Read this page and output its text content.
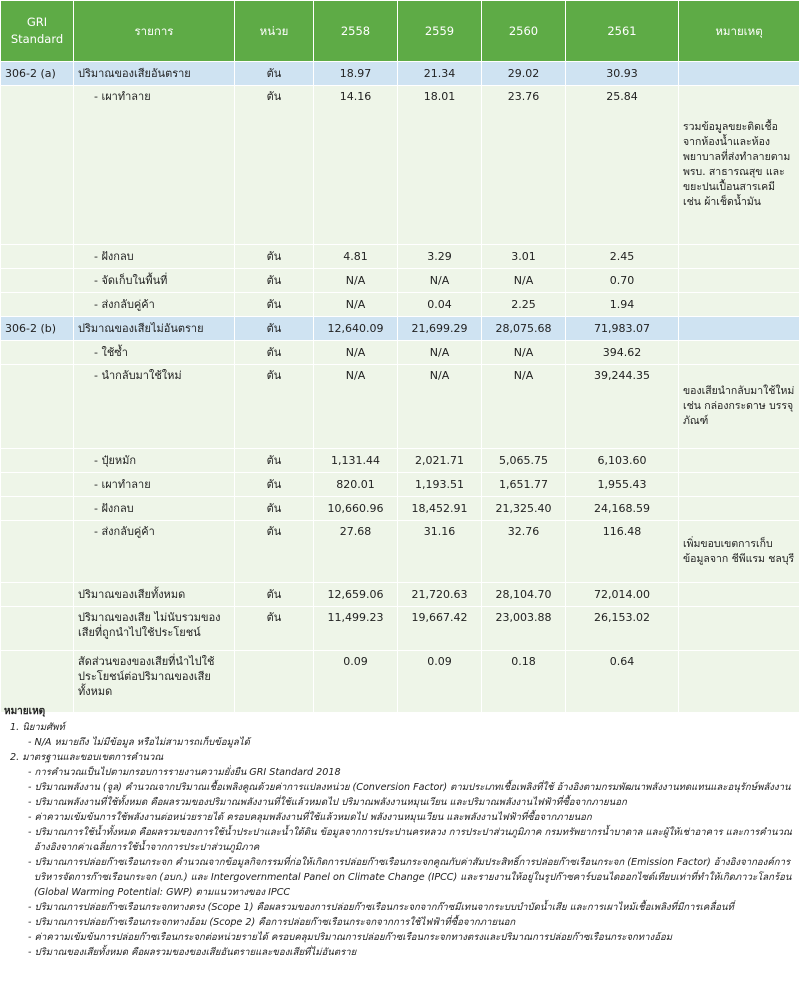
GRI Standard	รายการ	หน่วย	2558	2559	2560	2561	หมายเหตุ
306-2 (a)	ปริมาณของเสียอันตราย	ตัน	18.97	21.34	29.02	30.93	
	- เผาทำลาย	ตัน	14.16	18.01	23.76	25.84	รวมข้อมูลขยะติดเชื้อจากห้องน้ำและห้องพยาบาลที่ส่งทำลายตาม พรบ. สาธารณสุข และขยะปนเปื้อนสารเคมี เช่น ผ้าเช็ดน้ำมัน
	- ฝังกลบ	ตัน	4.81	3.29	3.01	2.45	
	- จัดเก็บในพื้นที่	ตัน	N/A	N/A	N/A	0.70	
	- ส่งกลับคู่ค้า	ตัน	N/A	0.04	2.25	1.94	
306-2 (b)	ปริมาณของเสียไม่อันตราย	ตัน	12,640.09	21,699.29	28,075.68	71,983.07	
	- ใช้ซ้ำ	ตัน	N/A	N/A	N/A	394.62	
	- นำกลับมาใช้ใหม่	ตัน	N/A	N/A	N/A	39,244.35	ของเสียนำกลับมาใช้ใหม่ เช่น กล่องกระดาษ บรรจุภัณฑ์
	- ปุ๋ยหมัก	ตัน	1,131.44	2,021.71	5,065.75	6,103.60	
	- เผาทำลาย	ตัน	820.01	1,193.51	1,651.77	1,955.43	
	- ฝังกลบ	ตัน	10,660.96	18,452.91	21,325.40	24,168.59	
	- ส่งกลับคู่ค้า	ตัน	27.68	31.16	32.76	116.48	เพิ่มขอบเขตการเก็บข้อมูลจาก ชีพีแรม ชลบุรี
	ปริมาณของเสียทั้งหมด	ตัน	12,659.06	21,720.63	28,104.70	72,014.00	
	ปริมาณของเสีย ไม่นับรวมของเสียที่ถูกนำไปใช้ประโยชน์	ตัน	11,499.23	19,667.42	23,003.88	26,153.02	
	สัดส่วนของของเสียที่นำไปใช้ประโยชน์ต่อปริมาณของเสียทั้งหมด		0.09	0.09	0.18	0.64	
หมายเหตุ
1. นิยามศัพท์
- N/A หมายถึง ไม่มีข้อมูล หรือไม่สามารถเก็บข้อมูลได้
2. มาตรฐานและขอบเขตการคำนวณ
- การคำนวณเป็นไปตามกรอบการรายงานความยั่งยืน GRI Standard 2018
- ปริมาณพลังงาน (จูล) คำนวณจากปริมาณเชื้อเพลิงคูณด้วยค่าการแปลงหน่วย (Conversion Factor) ตามประเภทเชื้อเพลิงที่ใช้ อ้างอิงตามกรมพัฒนาพลังงานทดแทนและอนุรักษ์พลังงาน
- ปริมาณพลังงานที่ใช้ทั้งหมด คือผลรวมของปริมาณพลังงานที่ใช้แล้วหมดไป ปริมาณพลังงานหมุนเวียน และปริมาณพลังงานไฟฟ้าที่ซื้อจากภายนอก
- ค่าความเข้มข้นการใช้พลังงานต่อหน่วยรายได้ ครอบคลุมพลังงานที่ใช้แล้วหมดไป พลังงานหมุนเวียน และพลังงานไฟฟ้าที่ซื้อจากภายนอก
- ปริมาณการใช้น้ำทั้งหมด คือผลรวมของการใช้น้ำประปาและน้ำใต้ดิน ข้อมูลจากการประปานครหลวง การประปาส่วนภูมิภาค กรมทรัพยากรน้ำบาดาล และผู้ให้เช่าอาคาร และการคำนวณอ้างอิงจากค่าเฉลี่ยการใช้น้ำจากการประปาส่วนภูมิภาค
- ปริมาณการปล่อยก๊าซเรือนกระจก คำนวณจากข้อมูลกิจกรรมที่ก่อให้เกิดการปล่อยก๊าซเรือนกระจกคูณกับค่าสัมประสิทธิ์การปล่อยก๊าซเรือนกระจก (Emission Factor) อ้างอิงจากองค์การบริหารจัดการก๊าซเรือนกระจก (อบก.) และ Intergovernmental Panel on Climate Change (IPCC) และรายงานให้อยู่ในรูปก๊าซคาร์บอนไดออกไซด์เทียบเท่าที่ทำให้เกิดภาวะโลกร้อน (Global Warming Potential: GWP) ตามแนวทางของ IPCC
- ปริมาณการปล่อยก๊าซเรือนกระจกทางตรง (Scope 1) คือผลรวมของการปล่อยก๊าซเรือนกระจกจากก๊าซมีเทนจากระบบบำบัดน้ำเสีย และการเผาไหม้เชื้อเพลิงที่มีการเคลื่อนที่
- ปริมาณการปล่อยก๊าซเรือนกระจกทางอ้อม (Scope 2) คือการปล่อยก๊าซเรือนกระจกจากการใช้ไฟฟ้าที่ซื้อจากภายนอก
- ค่าความเข้มข้นการปล่อยก๊าซเรือนกระจกต่อหน่วยรายได้ ครอบคลุมปริมาณการปล่อยก๊าซเรือนกระจกทางตรงและปริมาณการปล่อยก๊าซเรือนกระจกทางอ้อม
- ปริมาณของเสียทั้งหมด คือผลรวมของของเสียอันตรายและของเสียที่ไม่อันตราย
